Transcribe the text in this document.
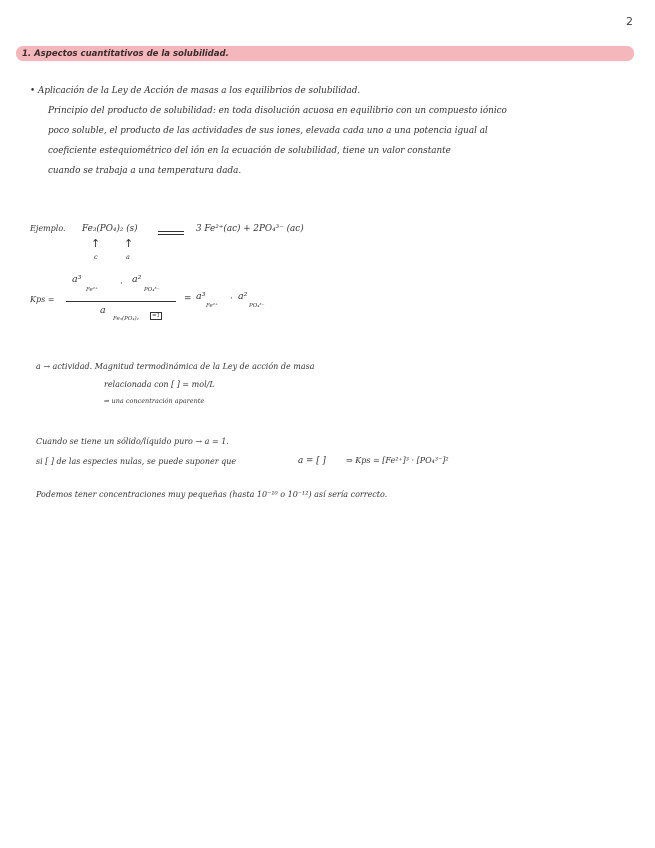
2
1. Aspectos cuantitativos de la solubilidad.
• Aplicación de la Ley de Acción de masas a los equilibrios de solubilidad.
Principio del producto de solubilidad: en toda disolución acuosa en equilibrio con un compuesto iónico
poco soluble, el producto de las actividades de sus iones, elevada cada uno a una potencia igual al
coeficiente estequiométrico del ión en la ecuación de solubilidad, tiene un valor constante
cuando se trabaja a una temperatura dada.
Ejemplo. Fe₃(PO₄)₂ (s)	3 Fe²⁺(ac) + 2PO₄³⁻ (ac)
↑ ↑
c	a
Kps =
a³
Fe²⁺
· a²
PO₄³⁻
a
Fe₃(PO₄)₂	=1
= a³
Fe²⁺
· a²
PO₄³⁻
a → actividad. Magnitud termodinámica de la Ley de acción de masa
relacionada con [ ] = mol/L
⇒ una concentración aparente
Cuando se tiene un sólido/líquido puro → a = 1.
si [ ] de las especies nulas, se puede suponer que	a = [ ]	⇒ Kps = [Fe²⁺]³ · [PO₄³⁻]²
Podemos tener concentraciones muy pequeñas (hasta 10⁻¹⁰ o 10⁻¹²) así sería correcto.
